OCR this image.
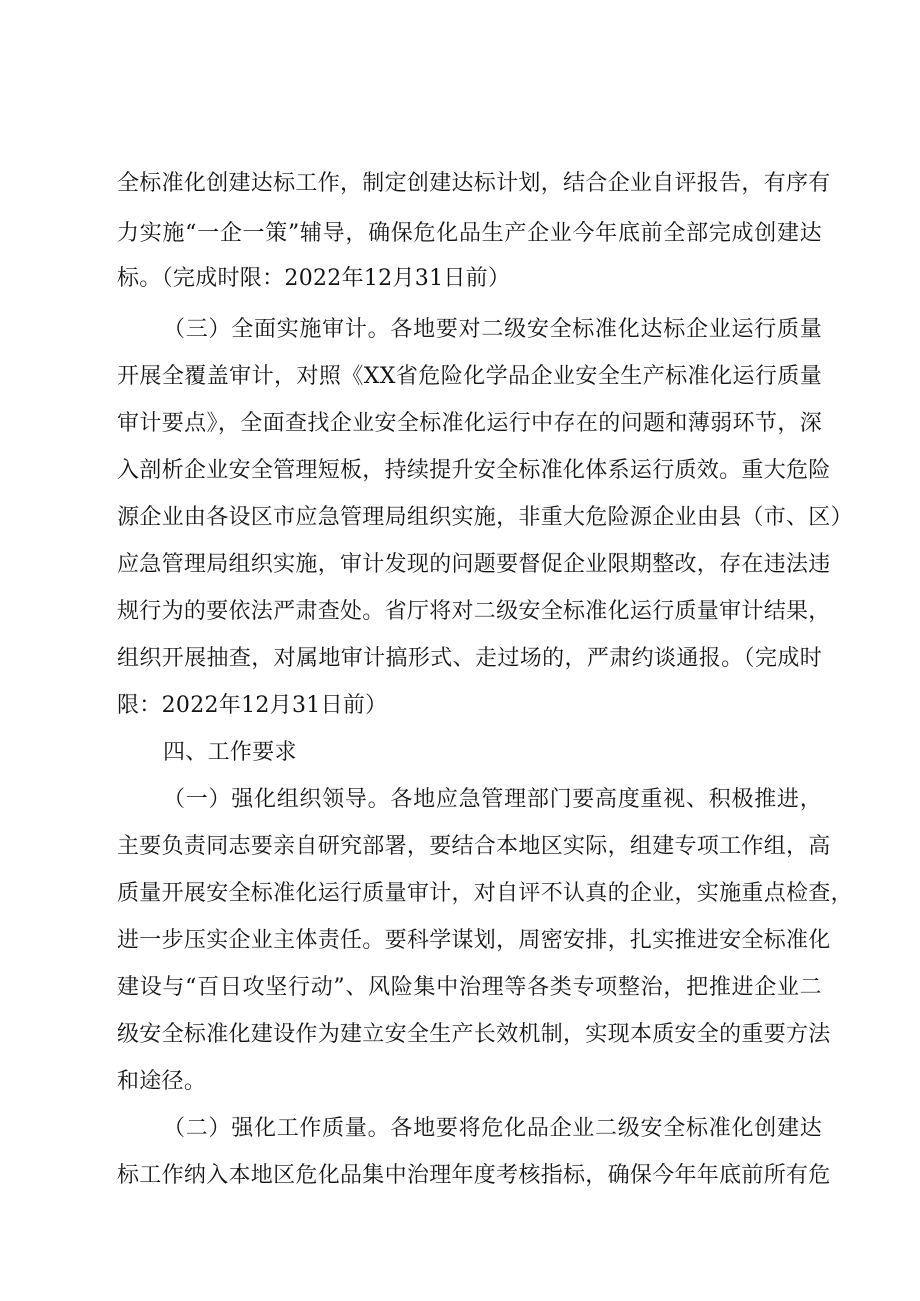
全标准化创建达标工作，制定创建达标计划，结合企业自评报告，有序有
力实施“一企一策”辅导，确保危化品生产企业今年底前全部完成创建达
标。（完成时限：2022年12月31日前）
（三）全面实施审计。各地要对二级安全标准化达标企业运行质量
开展全覆盖审计，对照《XX省危险化学品企业安全生产标准化运行质量
审计要点》，全面查找企业安全标准化运行中存在的问题和薄弱环节，深
入剖析企业安全管理短板，持续提升安全标准化体系运行质效。重大危险
源企业由各设区市应急管理局组织实施，非重大危险源企业由县（市、区）
应急管理局组织实施，审计发现的问题要督促企业限期整改，存在违法违
规行为的要依法严肃查处。省厅将对二级安全标准化运行质量审计结果，
组织开展抽查，对属地审计搞形式、走过场的，严肃约谈通报。（完成时
限：2022年12月31日前）
四、工作要求
（一）强化组织领导。各地应急管理部门要高度重视、积极推进，
主要负责同志要亲自研究部署，要结合本地区实际，组建专项工作组，高
质量开展安全标准化运行质量审计，对自评不认真的企业，实施重点检查，
进一步压实企业主体责任。要科学谋划，周密安排，扎实推进安全标准化
建设与“百日攻坚行动”、风险集中治理等各类专项整治，把推进企业二
级安全标准化建设作为建立安全生产长效机制，实现本质安全的重要方法
和途径。
（二）强化工作质量。各地要将危化品企业二级安全标准化创建达
标工作纳入本地区危化品集中治理年度考核指标，确保今年年底前所有危
